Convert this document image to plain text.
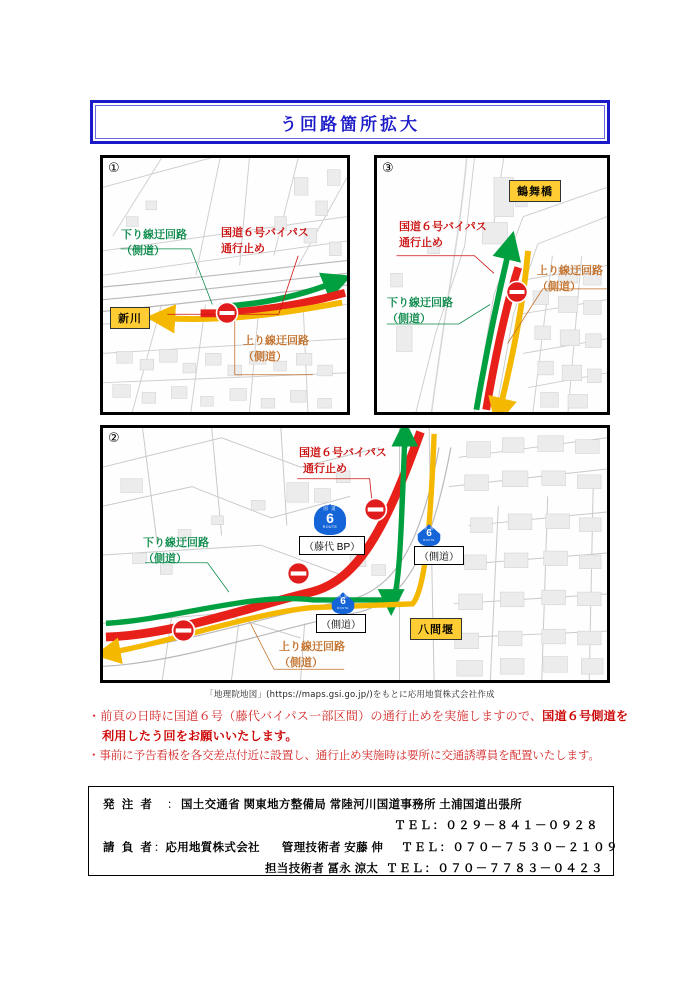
う回路箇所拡大
①
新川
下り線迂回路
（側道）
国道６号バイパス
通行止め
上り線迂回路
（側道）
③
鶴舞橋
国道６号バイパス
通行止め
下り線迂回路
（側道）
上り線迂回路
（側道）
②
国 道
6
ROUTE
（藤代 BP）
国 道
6
ROUTE
（側道）
国 道
6
ROUTE
（側道）	八間堰
国道６号バイパス
通行止め
下り線迂回路
（側道）
上り線迂回路
（側道）
「地理院地図」(https://maps.gsi.go.jp/)をもとに応用地質株式会社作成
・前頁の日時に国道６号（藤代バイパス一部区間）の通行止めを実施しますので、国道６号側道を
利用したう回をお願いいたします。
・事前に予告看板を各交差点付近に設置し、通行止め実施時は要所に交通誘導員を配置いたします。
発 注 者	： 国土交通省 関東地方整備局 常陸河川国道事務所 土浦国道出張所
ＴＥＬ：０２９－８４１－０９２８
請 負 者 ： 応用地質株式会社 管理技術者 安藤 伸 ＴＥＬ：０７０－７５３０－２１０９
担当技術者 冨永 涼太 ＴＥＬ：０７０－７７８３－０４２３
